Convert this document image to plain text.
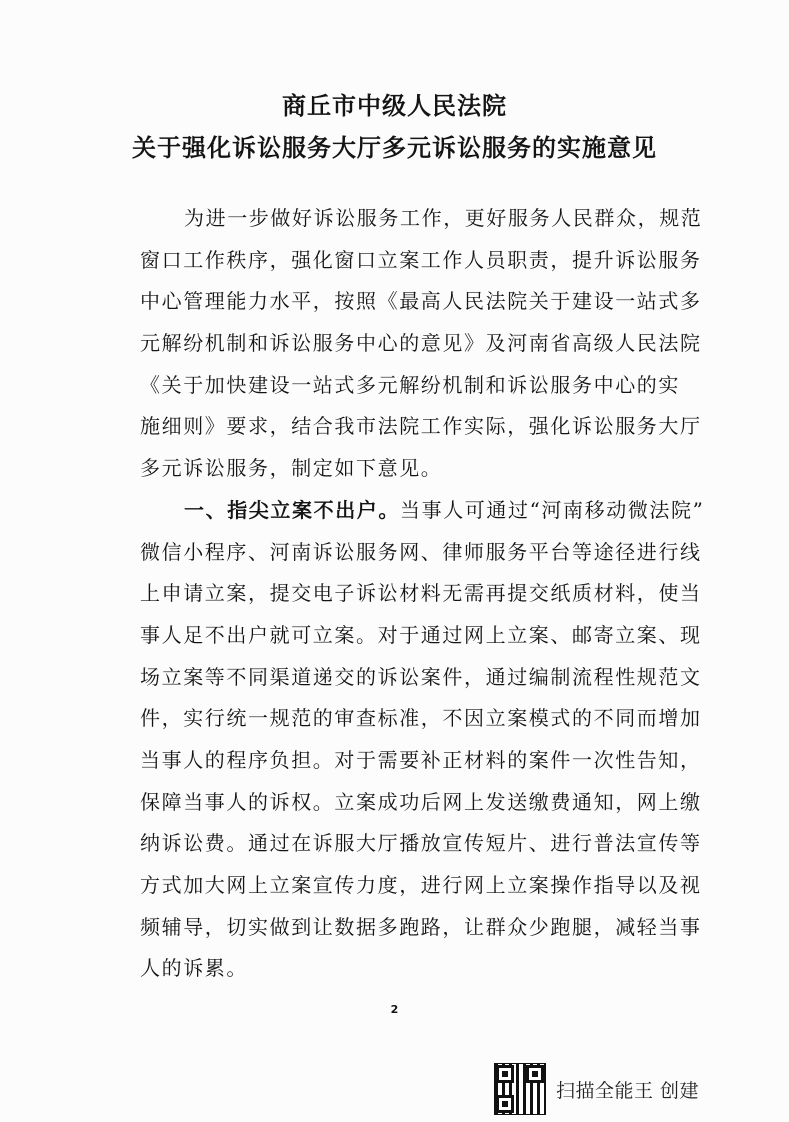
商丘市中级人民法院
关于强化诉讼服务大厅多元诉讼服务的实施意见
为进一步做好诉讼服务工作，更好服务人民群众，规范
窗口工作秩序，强化窗口立案工作人员职责，提升诉讼服务
中心管理能力水平，按照《最高人民法院关于建设一站式多
元解纷机制和诉讼服务中心的意见》及河南省高级人民法院
《关于加快建设一站式多元解纷机制和诉讼服务中心的实
施细则》要求，结合我市法院工作实际，强化诉讼服务大厅
多元诉讼服务，制定如下意见。
一、指尖立案不出户。当事人可通过“河南移动微法院”
微信小程序、河南诉讼服务网、律师服务平台等途径进行线
上申请立案，提交电子诉讼材料无需再提交纸质材料，使当
事人足不出户就可立案。对于通过网上立案、邮寄立案、现
场立案等不同渠道递交的诉讼案件，通过编制流程性规范文
件，实行统一规范的审查标准，不因立案模式的不同而增加
当事人的程序负担。对于需要补正材料的案件一次性告知，
保障当事人的诉权。立案成功后网上发送缴费通知，网上缴
纳诉讼费。通过在诉服大厅播放宣传短片、进行普法宣传等
方式加大网上立案宣传力度，进行网上立案操作指导以及视
频辅导，切实做到让数据多跑路，让群众少跑腿，减轻当事
人的诉累。
2
扫描全能王 创建
